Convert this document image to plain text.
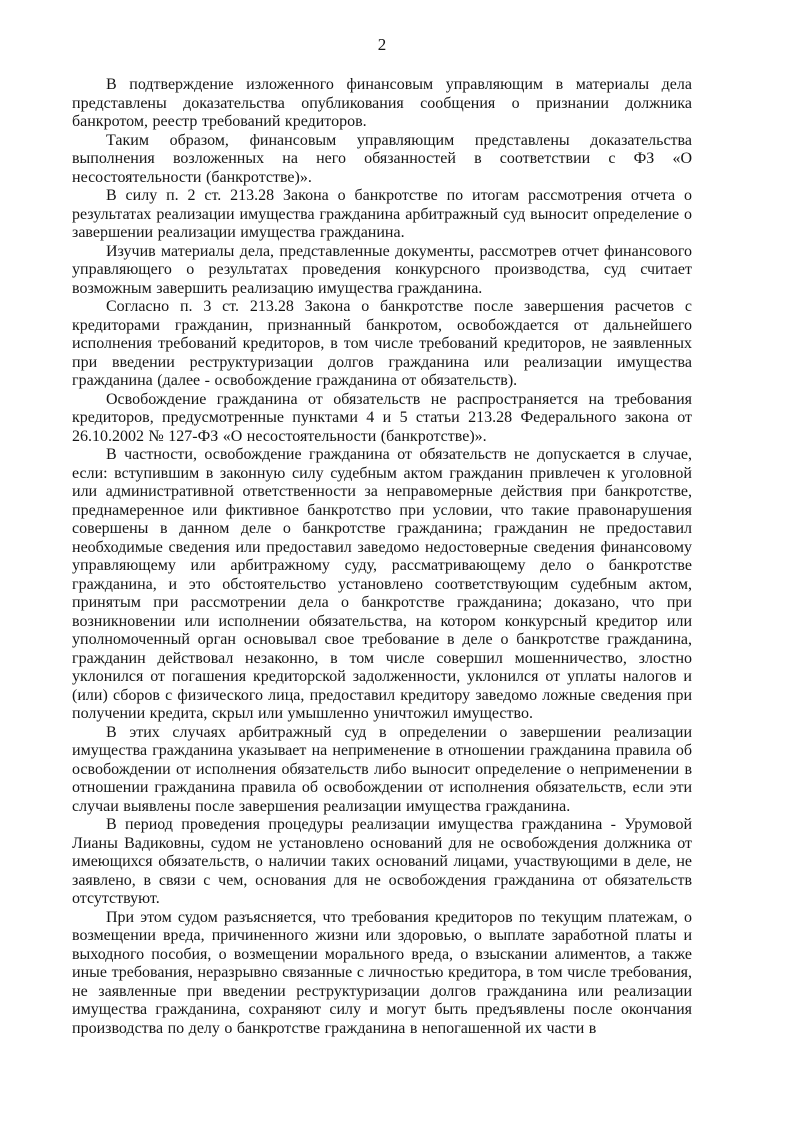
2

В подтверждение изложенного финансовым управляющим в материалы дела представлены доказательства опубликования сообщения о признании должника банкротом, реестр требований кредиторов.

Таким образом, финансовым управляющим представлены доказательства выполнения возложенных на него обязанностей в соответствии с ФЗ «О несостоятельности (банкротстве)».

В силу п. 2 ст. 213.28 Закона о банкротстве по итогам рассмотрения отчета о результатах реализации имущества гражданина арбитражный суд выносит определение о завершении реализации имущества гражданина.

Изучив материалы дела, представленные документы, рассмотрев отчет финансового управляющего о результатах проведения конкурсного производства, суд считает возможным завершить реализацию имущества гражданина.

Согласно п. 3 ст. 213.28 Закона о банкротстве после завершения расчетов с кредиторами гражданин, признанный банкротом, освобождается от дальнейшего исполнения требований кредиторов, в том числе требований кредиторов, не заявленных при введении реструктуризации долгов гражданина или реализации имущества гражданина (далее - освобождение гражданина от обязательств).

Освобождение гражданина от обязательств не распространяется на требования кредиторов, предусмотренные пунктами 4 и 5 статьи 213.28 Федерального закона от 26.10.2002 № 127-ФЗ «О несостоятельности (банкротстве)».

В частности, освобождение гражданина от обязательств не допускается в случае, если: вступившим в законную силу судебным актом гражданин привлечен к уголовной или административной ответственности за неправомерные действия при банкротстве, преднамеренное или фиктивное банкротство при условии, что такие правонарушения совершены в данном деле о банкротстве гражданина; гражданин не предоставил необходимые сведения или предоставил заведомо недостоверные сведения финансовому управляющему или арбитражному суду, рассматривающему дело о банкротстве гражданина, и это обстоятельство установлено соответствующим судебным актом, принятым при рассмотрении дела о банкротстве гражданина; доказано, что при возникновении или исполнении обязательства, на котором конкурсный кредитор или уполномоченный орган основывал свое требование в деле о банкротстве гражданина, гражданин действовал незаконно, в том числе совершил мошенничество, злостно уклонился от погашения кредиторской задолженности, уклонился от уплаты налогов и (или) сборов с физического лица, предоставил кредитору заведомо ложные сведения при получении кредита, скрыл или умышленно уничтожил имущество.

В этих случаях арбитражный суд в определении о завершении реализации имущества гражданина указывает на неприменение в отношении гражданина правила об освобождении от исполнения обязательств либо выносит определение о неприменении в отношении гражданина правила об освобождении от исполнения обязательств, если эти случаи выявлены после завершения реализации имущества гражданина.

В период проведения процедуры реализации имущества гражданина - Урумовой Лианы Вадиковны, судом не установлено оснований для не освобождения должника от имеющихся обязательств, о наличии таких оснований лицами, участвующими в деле, не заявлено, в связи с чем, основания для не освобождения гражданина от обязательств отсутствуют.

При этом судом разъясняется, что требования кредиторов по текущим платежам, о возмещении вреда, причиненного жизни или здоровью, о выплате заработной платы и выходного пособия, о возмещении морального вреда, о взыскании алиментов, а также иные требования, неразрывно связанные с личностью кредитора, в том числе требования, не заявленные при введении реструктуризации долгов гражданина или реализации имущества гражданина, сохраняют силу и могут быть предъявлены после окончания производства по делу о банкротстве гражданина в непогашенной их части в
